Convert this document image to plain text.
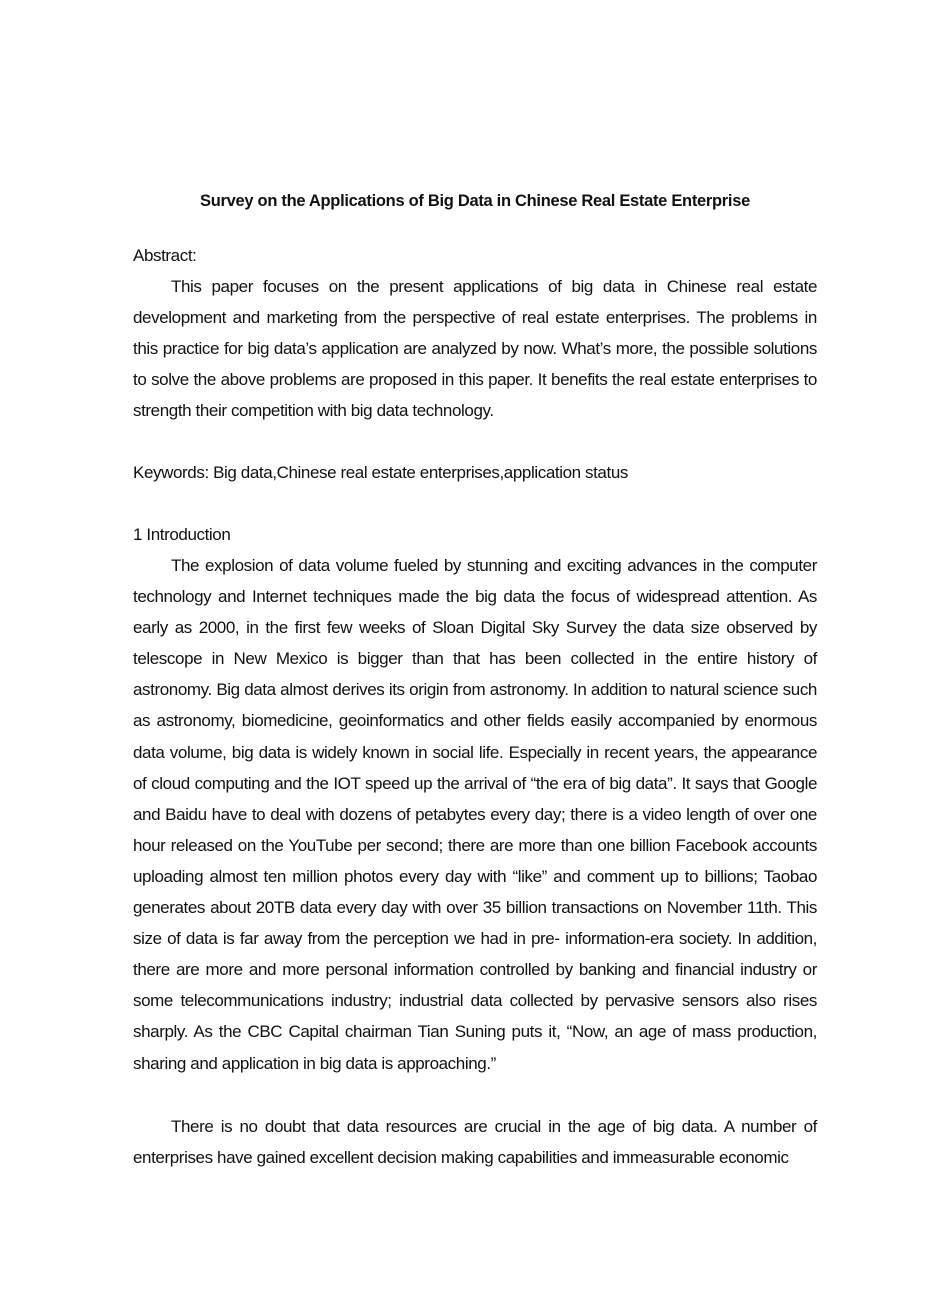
Survey on the Applications of Big Data in Chinese Real Estate Enterprise
Abstract:

This paper focuses on the present applications of big data in Chinese real estate development and marketing from the perspective of real estate enterprises. The problems in this practice for big data’s application are analyzed by now. What’s more, the possible solutions to solve the above problems are proposed in this paper. It benefits the real estate enterprises to strength their competition with big data technology.

Keywords: Big data,Chinese real estate enterprises,application status
1 Introduction

The explosion of data volume fueled by stunning and exciting advances in the computer technology and Internet techniques made the big data the focus of widespread attention. As early as 2000, in the first few weeks of Sloan Digital Sky Survey the data size observed by telescope in New Mexico is bigger than that has been collected in the entire history of astronomy. Big data almost derives its origin from astronomy. In addition to natural science such as astronomy, biomedicine, geoinformatics and other fields easily accompanied by enormous data volume, big data is widely known in social life. Especially in recent years, the appearance of cloud computing and the IOT speed up the arrival of “the era of big data”. It says that Google and Baidu have to deal with dozens of petabytes every day; there is a video length of over one hour released on the YouTube per second; there are more than one billion Facebook accounts uploading almost ten million photos every day with “like” and comment up to billions; Taobao generates about 20TB data every day with over 35 billion transactions on November 11th. This size of data is far away from the perception we had in pre- information-era society. In addition, there are more and more personal information controlled by banking and financial industry or some telecommunications industry; industrial data collected by pervasive sensors also rises sharply. As the CBC Capital chairman Tian Suning puts it, “Now, an age of mass production, sharing and application in big data is approaching.”

There is no doubt that data resources are crucial in the age of big data. A number of enterprises have gained excellent decision making capabilities and immeasurable economic
